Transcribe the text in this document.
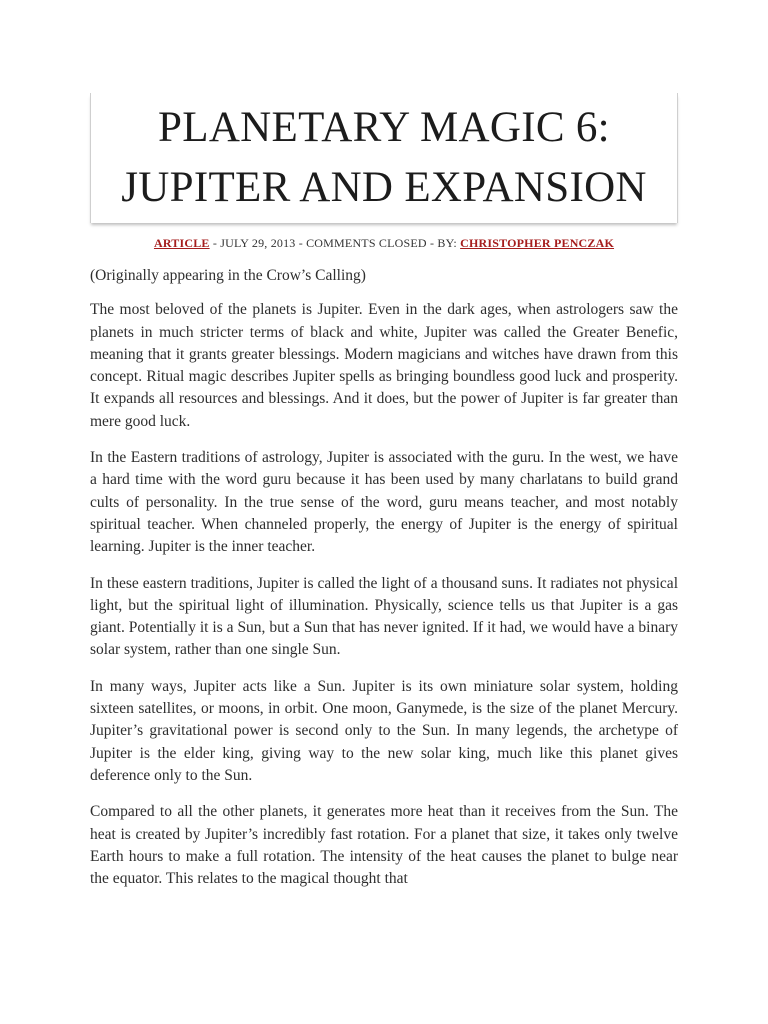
PLANETARY MAGIC 6:
JUPITER AND EXPANSION
ARTICLE - JULY 29, 2013 - COMMENTS CLOSED - BY: CHRISTOPHER PENCZAK

(Originally appearing in the Crow’s Calling)

The most beloved of the planets is Jupiter. Even in the dark ages, when astrologers saw the planets in much stricter terms of black and white, Jupiter was called the Greater Benefic, meaning that it grants greater blessings. Modern magicians and witches have drawn from this concept. Ritual magic describes Jupiter spells as bringing boundless good luck and prosperity. It expands all resources and blessings. And it does, but the power of Jupiter is far greater than mere good luck.

In the Eastern traditions of astrology, Jupiter is associated with the guru. In the west, we have a hard time with the word guru because it has been used by many charlatans to build grand cults of personality. In the true sense of the word, guru means teacher, and most notably spiritual teacher. When channeled properly, the energy of Jupiter is the energy of spiritual learning. Jupiter is the inner teacher.

In these eastern traditions, Jupiter is called the light of a thousand suns. It radiates not physical light, but the spiritual light of illumination. Physically, science tells us that Jupiter is a gas giant. Potentially it is a Sun, but a Sun that has never ignited. If it had, we would have a binary solar system, rather than one single Sun.

In many ways, Jupiter acts like a Sun. Jupiter is its own miniature solar system, holding sixteen satellites, or moons, in orbit. One moon, Ganymede, is the size of the planet Mercury. Jupiter’s gravitational power is second only to the Sun. In many legends, the archetype of Jupiter is the elder king, giving way to the new solar king, much like this planet gives deference only to the Sun.

Compared to all the other planets, it generates more heat than it receives from the Sun. The heat is created by Jupiter’s incredibly fast rotation. For a planet that size, it takes only twelve Earth hours to make a full rotation. The intensity of the heat causes the planet to bulge near the equator. This relates to the magical thought that
